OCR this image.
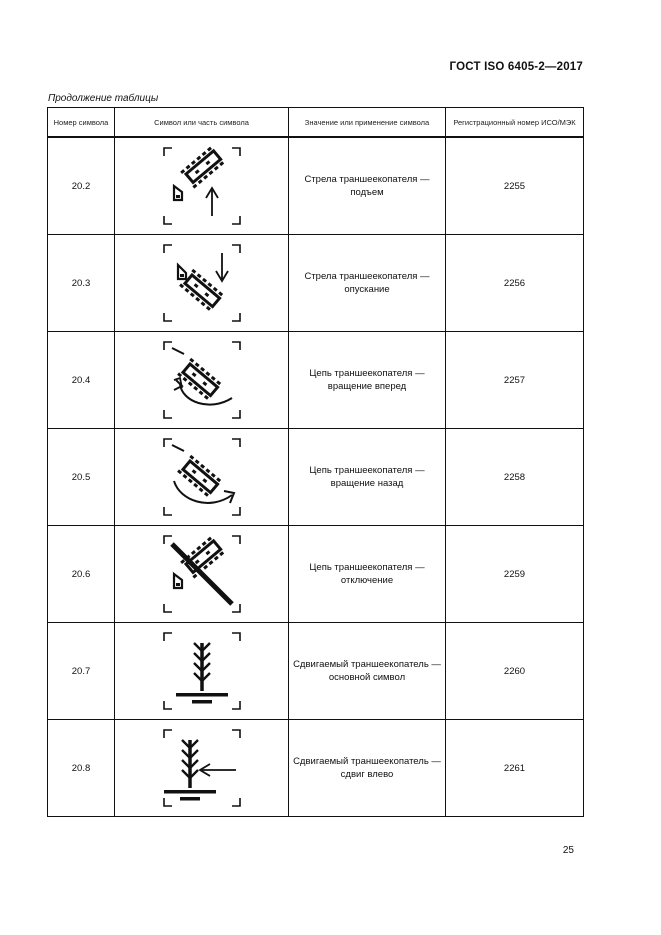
ГОСТ ISO 6405-2—2017
Продолжение таблицы
Номер символа	Символ или часть символа	Значение или применение символа	Регистрационный номер ИСО/МЭК
20.2		Стрела траншеекопателя — подъем	2255
20.3		Стрела траншеекопателя — опускание	2256
20.4		Цепь траншеекопателя — вращение вперед	2257
20.5		Цепь траншеекопателя — вращение назад	2258
20.6		Цепь траншеекопателя — отключение	2259
20.7		Сдвигаемый траншеекопатель — основной символ	2260
20.8		Сдвигаемый траншеекопатель — сдвиг влево	2261
25
